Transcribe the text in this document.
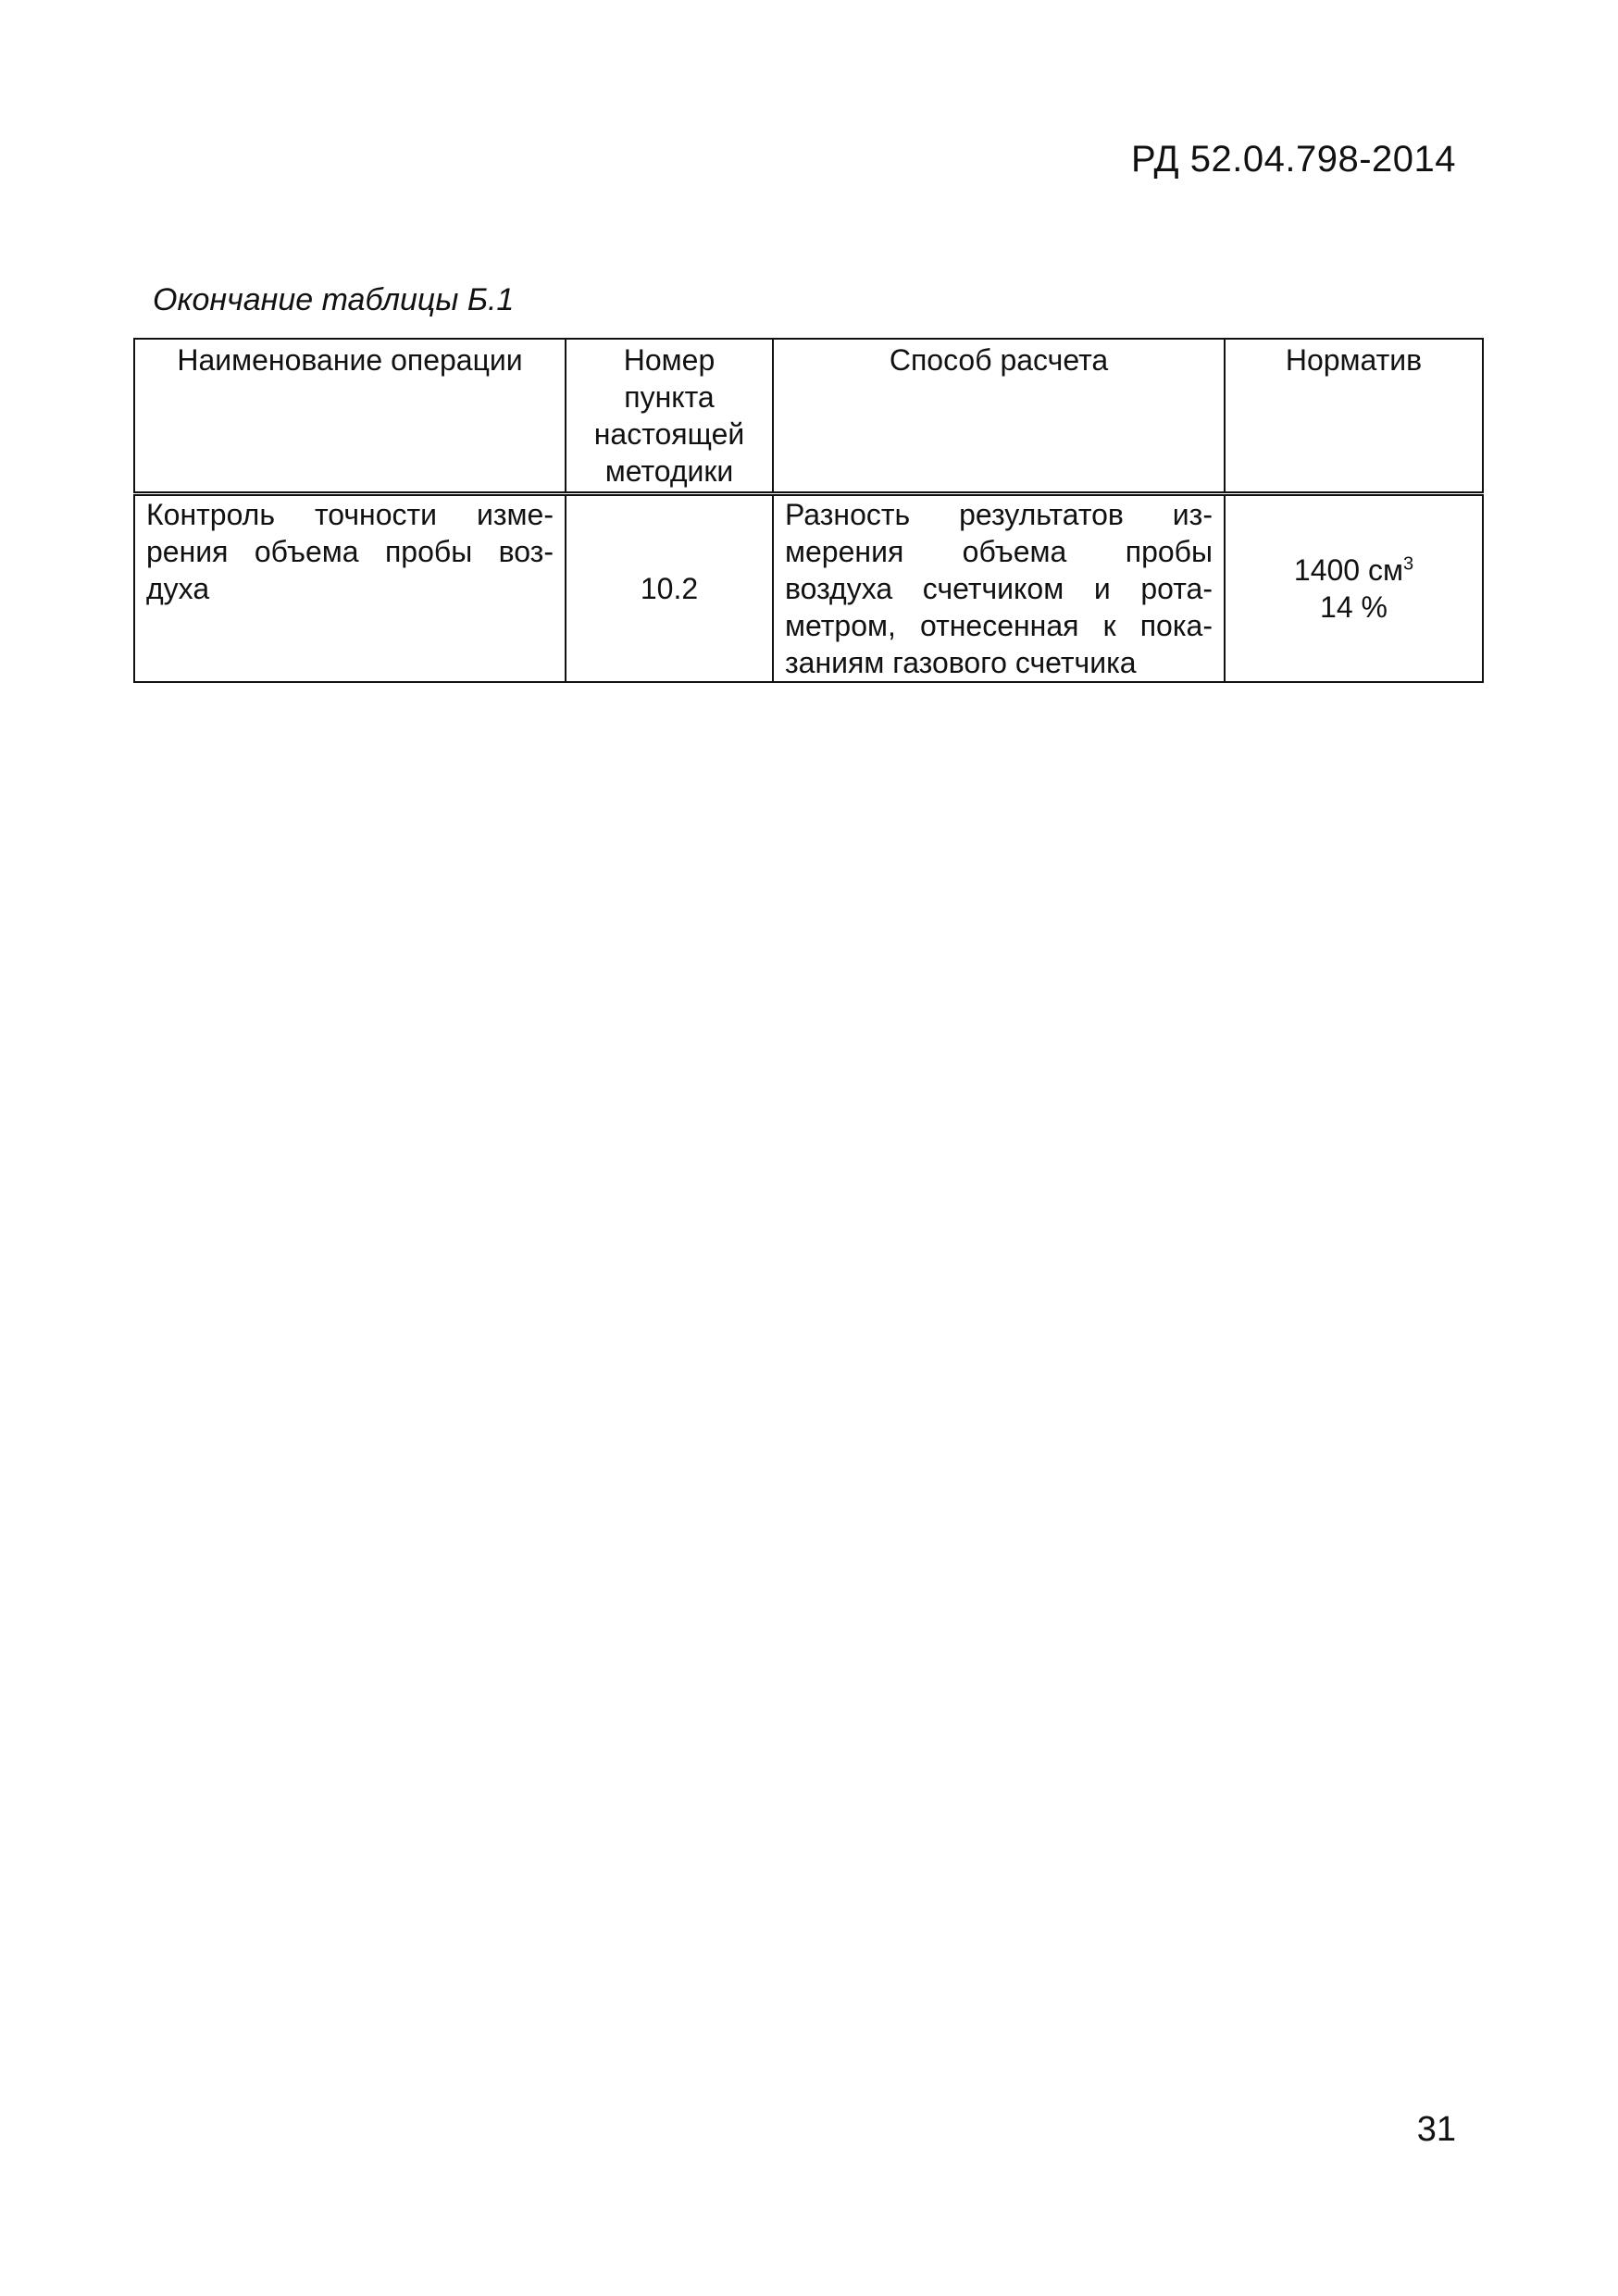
РД 52.04.798-2014
Окончание таблицы Б.1
Наименование операции	Номер пункта настоящей методики	Способ расчета	Норматив
Контроль точности изме-рения объема пробы воз-духа	10.2	Разность результатов из-мерения объема пробы воздуха счетчиком и рота-метром, отнесенная к пока-заниям газового счетчика	1400 $см^3$
14 %
31
